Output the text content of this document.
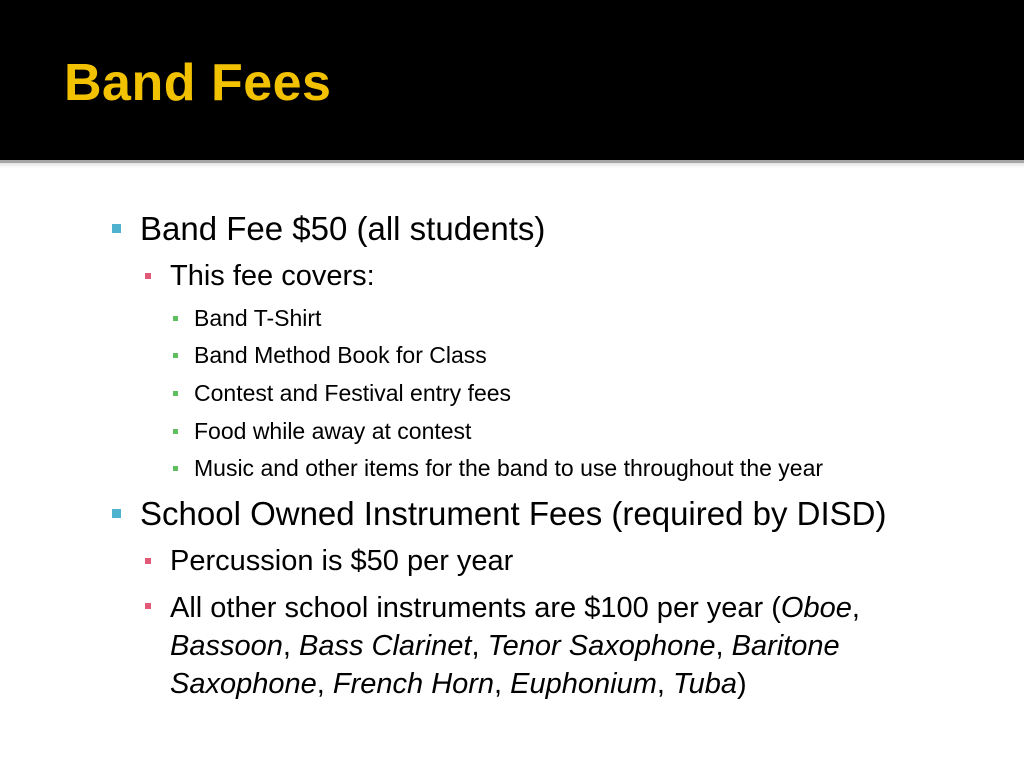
Band Fees
Band Fee $50 (all students)
This fee covers:
Band T-Shirt
Band Method Book for Class
Contest and Festival entry fees
Food while away at contest
Music and other items for the band to use throughout the year
School Owned Instrument Fees (required by DISD)
Percussion is $50 per year
All other school instruments are $100 per year (Oboe, Bassoon, Bass Clarinet, Tenor Saxophone, Baritone Saxophone, French Horn, Euphonium, Tuba)
